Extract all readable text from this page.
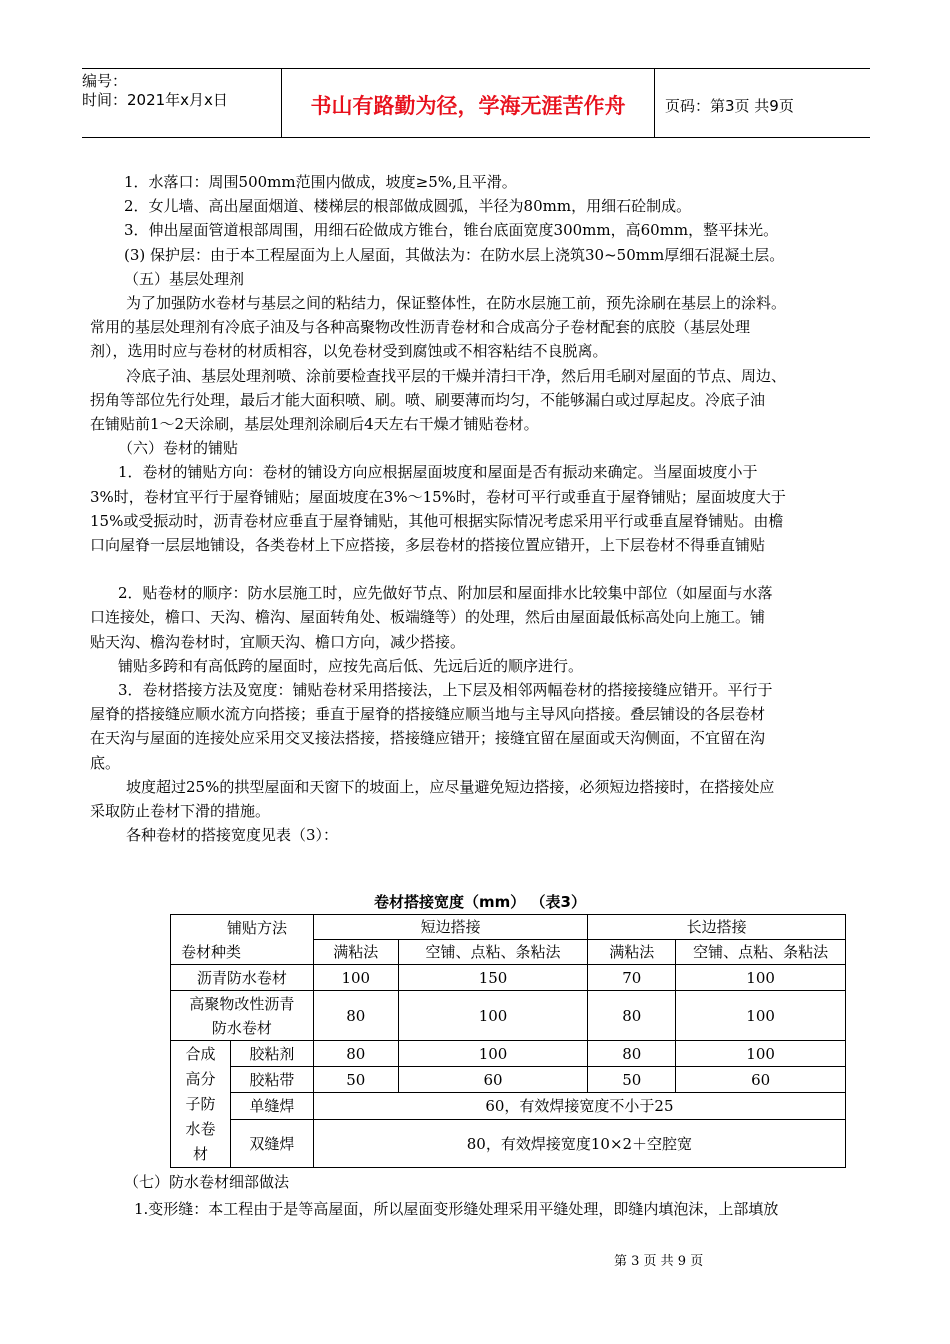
编号：
时间：2021年x月x日	书山有路勤为径，学海无涯苦作舟	页码：第3页 共9页

1．水落口：周围500mm范围内做成，坡度≥5%,且平滑。

2．女儿墙、高出屋面烟道、楼梯层的根部做成圆弧，半径为80mm，用细石砼制成。

3．伸出屋面管道根部周围，用细石砼做成方锥台，锥台底面宽度300mm，高60mm，整平抹光。

(3) 保护层：由于本工程屋面为上人屋面，其做法为：在防水层上浇筑30~50mm厚细石混凝土层。

（五）基层处理剂

为了加强防水卷材与基层之间的粘结力，保证整体性，在防水层施工前，预先涂刷在基层上的涂料。

常用的基层处理剂有冷底子油及与各种高聚物改性沥青卷材和合成高分子卷材配套的底胶（基层处理

剂），选用时应与卷材的材质相容，以免卷材受到腐蚀或不相容粘结不良脱离。

冷底子油、基层处理剂喷、涂前要检查找平层的干燥并清扫干净，然后用毛刷对屋面的节点、周边、

拐角等部位先行处理，最后才能大面积喷、刷。喷、刷要薄而均匀，不能够漏白或过厚起皮。冷底子油

在铺贴前1～2天涂刷，基层处理剂涂刷后4天左右干燥才铺贴卷材。

（六）卷材的铺贴

1．卷材的铺贴方向：卷材的铺设方向应根据屋面坡度和屋面是否有振动来确定。当屋面坡度小于

3%时，卷材宜平行于屋脊铺贴；屋面坡度在3%～15%时，卷材可平行或垂直于屋脊铺贴；屋面坡度大于

15%或受振动时，沥青卷材应垂直于屋脊铺贴，其他可根据实际情况考虑采用平行或垂直屋脊铺贴。由檐

口向屋脊一层层地铺设，各类卷材上下应搭接，多层卷材的搭接位置应错开，上下层卷材不得垂直铺贴

2．贴卷材的顺序：防水层施工时，应先做好节点、附加层和屋面排水比较集中部位（如屋面与水落

口连接处，檐口、天沟、檐沟、屋面转角处、板端缝等）的处理，然后由屋面最低标高处向上施工。铺

贴天沟、檐沟卷材时，宜顺天沟、檐口方向，减少搭接。

铺贴多跨和有高低跨的屋面时，应按先高后低、先远后近的顺序进行。

3．卷材搭接方法及宽度：铺贴卷材采用搭接法，上下层及相邻两幅卷材的搭接接缝应错开。平行于

屋脊的搭接缝应顺水流方向搭接；垂直于屋脊的搭接缝应顺当地与主导风向搭接。叠层铺设的各层卷材

在天沟与屋面的连接处应采用交叉接法搭接，搭接缝应错开；接缝宜留在屋面或天沟侧面，不宜留在沟

底。

坡度超过25%的拱型屋面和天窗下的坡面上，应尽量避免短边搭接，必须短边搭接时，在搭接处应

采取防止卷材下滑的措施。

各种卷材的搭接宽度见表（3）：

卷材搭接宽度（mm） （表3）
铺贴方法
卷材种类		短边搭接		长边搭接	
		满粘法	空铺、点粘、条粘法	满粘法	空铺、点粘、条粘法
沥青防水卷材		100	150	70	100
高聚物改性沥青防水卷材		80	100	80	100
合成高分子防水卷材	胶粘剂	80	100	80	100
	胶粘带	50	60	50	60
	单缝焊	60，有效焊接宽度不小于25			
	双缝焊	80，有效焊接宽度10×2＋空腔宽			

（七）防水卷材细部做法

1.变形缝：本工程由于是等高屋面，所以屋面变形缝处理采用平缝处理，即缝内填泡沫，上部填放

第 3 页 共 9 页
